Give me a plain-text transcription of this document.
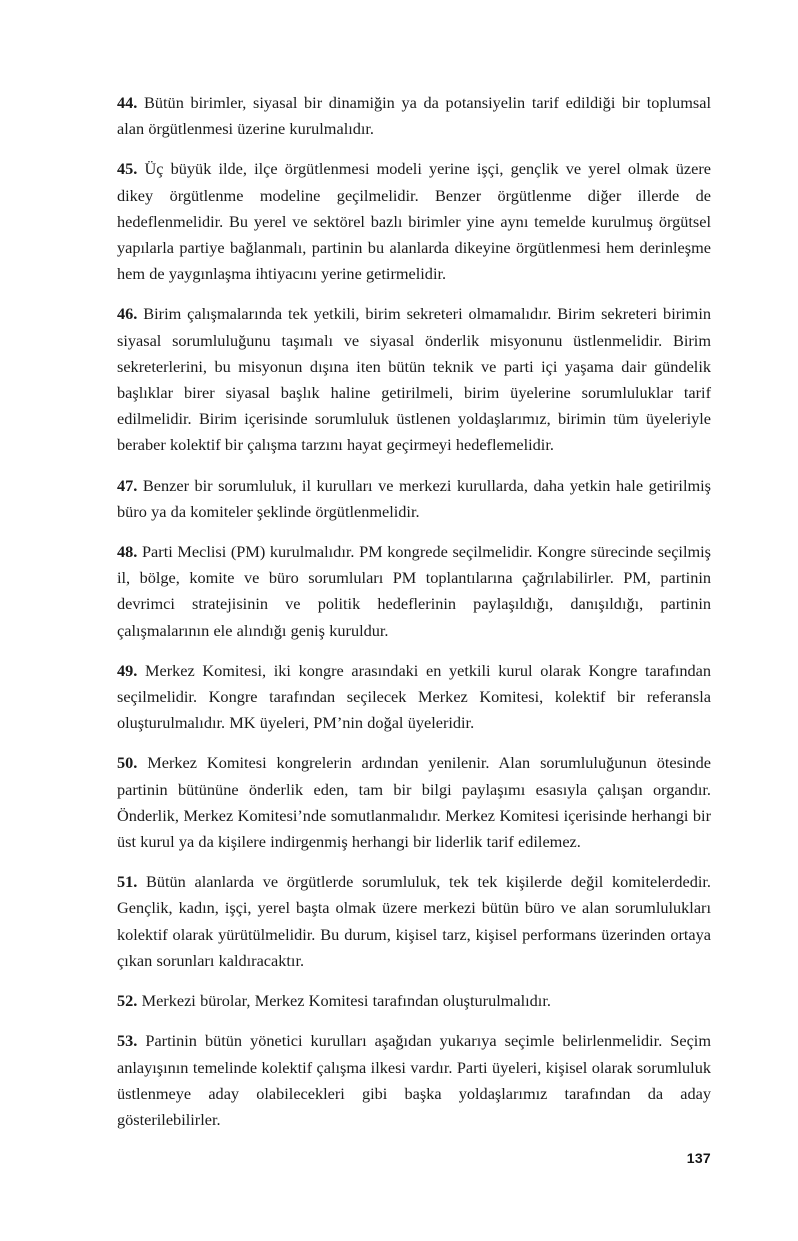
44. Bütün birimler, siyasal bir dinamiğin ya da potansiyelin tarif edildiği bir toplumsal alan örgütlenmesi üzerine kurulmalıdır.

45. Üç büyük ilde, ilçe örgütlenmesi modeli yerine işçi, gençlik ve yerel olmak üzere dikey örgütlenme modeline geçilmelidir. Benzer örgütlenme diğer illerde de hedeflenmelidir. Bu yerel ve sektörel bazlı birimler yine aynı temelde kurulmuş örgütsel yapılarla partiye bağlanmalı, partinin bu alanlarda dikeyine örgütlenmesi hem derinleşme hem de yaygınlaşma ihtiyacını yerine getirmelidir.

46. Birim çalışmalarında tek yetkili, birim sekreteri olmamalıdır. Birim sekreteri birimin siyasal sorumluluğunu taşımalı ve siyasal önderlik misyonunu üstlenmelidir. Birim sekreterlerini, bu misyonun dışına iten bütün teknik ve parti içi yaşama dair gündelik başlıklar birer siyasal başlık haline getirilmeli, birim üyelerine sorumluluklar tarif edilmelidir. Birim içerisinde sorumluluk üstlenen yoldaşlarımız, birimin tüm üyeleriyle beraber kolektif bir çalışma tarzını hayat geçirmeyi hedeflemelidir.

47. Benzer bir sorumluluk, il kurulları ve merkezi kurullarda, daha yetkin hale getirilmiş büro ya da komiteler şeklinde örgütlenmelidir.

48. Parti Meclisi (PM) kurulmalıdır. PM kongrede seçilmelidir. Kongre sürecinde seçilmiş il, bölge, komite ve büro sorumluları PM toplantılarına çağrılabilirler. PM, partinin devrimci stratejisinin ve politik hedeflerinin paylaşıldığı, danışıldığı, partinin çalışmalarının ele alındığı geniş kuruldur.

49. Merkez Komitesi, iki kongre arasındaki en yetkili kurul olarak Kongre tarafından seçilmelidir. Kongre tarafından seçilecek Merkez Komitesi, kolektif bir referansla oluşturulmalıdır. MK üyeleri, PM’nin doğal üyeleridir.

50. Merkez Komitesi kongrelerin ardından yenilenir. Alan sorumluluğunun ötesinde partinin bütününe önderlik eden, tam bir bilgi paylaşımı esasıyla çalışan organdır. Önderlik, Merkez Komitesi’nde somutlanmalıdır. Merkez Komitesi içerisinde herhangi bir üst kurul ya da kişilere indirgenmiş herhangi bir liderlik tarif edilemez.

51. Bütün alanlarda ve örgütlerde sorumluluk, tek tek kişilerde değil komitelerdedir. Gençlik, kadın, işçi, yerel başta olmak üzere merkezi bütün büro ve alan sorumlulukları kolektif olarak yürütülmelidir. Bu durum, kişisel tarz, kişisel performans üzerinden ortaya çıkan sorunları kaldıracaktır.

52. Merkezi bürolar, Merkez Komitesi tarafından oluşturulmalıdır.

53. Partinin bütün yönetici kurulları aşağıdan yukarıya seçimle belirlenmelidir. Seçim anlayışının temelinde kolektif çalışma ilkesi vardır. Parti üyeleri, kişisel olarak sorumluluk üstlenmeye aday olabilecekleri gibi başka yoldaşlarımız tarafından da aday gösterilebilirler.

137
